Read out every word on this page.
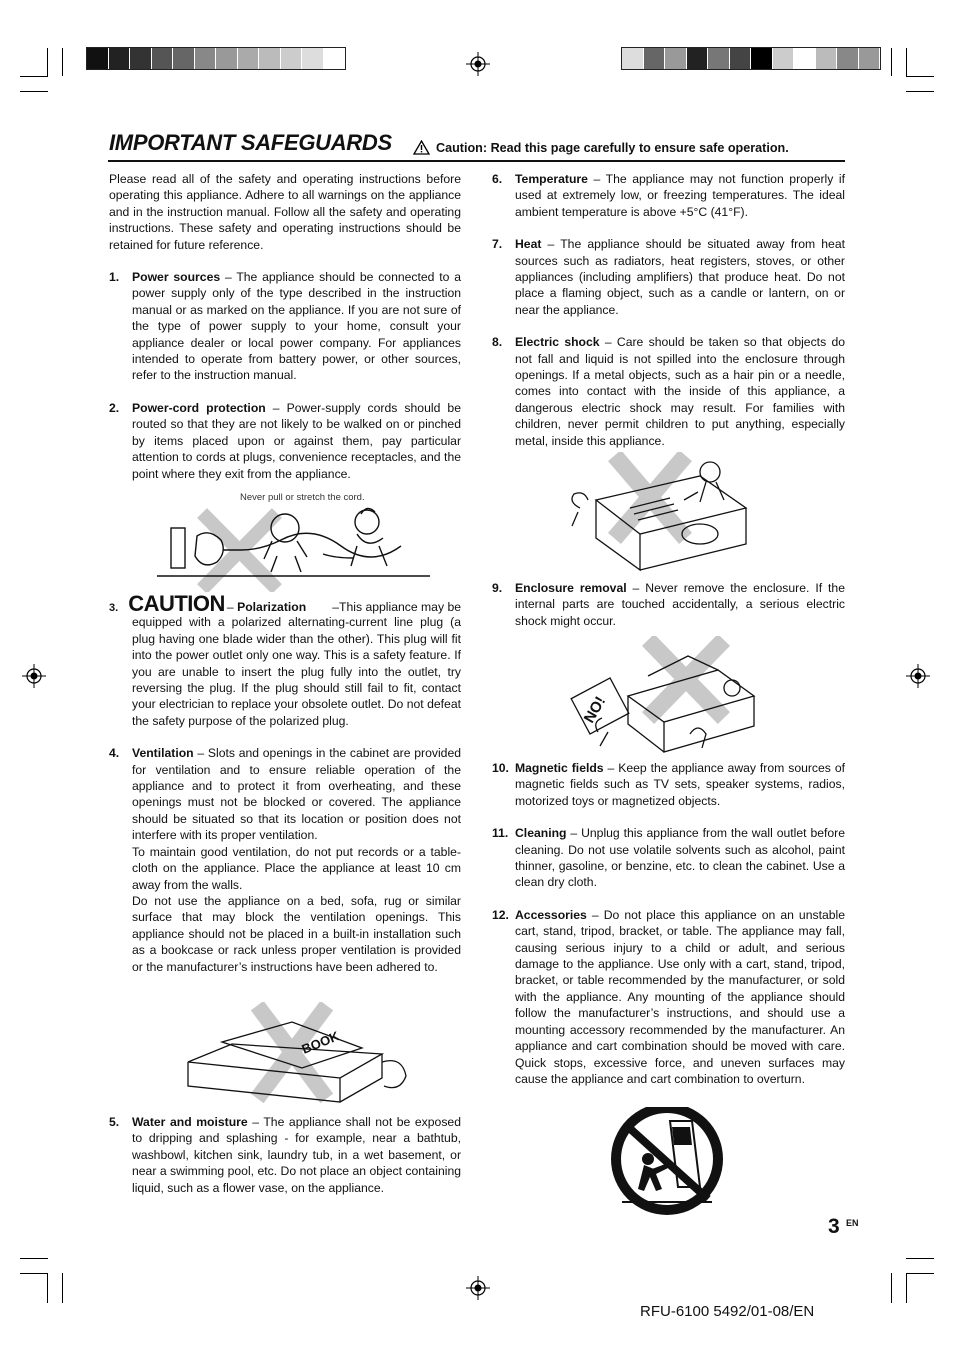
IMPORTANT SAFEGUARDS	Caution: Read this page carefully to ensure safe operation.

Please read all of the safety and operating instructions before operating this appliance. Adhere to all warnings on the appliance and in the instruction manual. Follow all the safety and operating instructions. These safety and operating instructions should be retained for future reference.

1. Power sources – The appliance should be connected to a power supply only of the type described in the instruction manual or as marked on the appliance. If you are not sure of the type of power supply to your home, consult your appliance dealer or local power company. For appliances intended to operate from battery power, or other sources, refer to the instruction manual.
2. Power-cord protection – Power-supply cords should be routed so that they are not likely to be walked on or pinched by items placed upon or against them, pay particular attention to cords at plugs, convenience receptacles, and the point where they exit from the appliance.
Never pull or stretch the cord.
3. CAUTION – Polarization –This appliance may be

equipped with a polarized alternating-current line plug (a plug having one blade wider than the other). This plug will fit into the power outlet only one way. This is a safety feature. If you are unable to insert the plug fully into the outlet, try reversing the plug. If the plug should still fail to fit, contact your electrician to replace your obsolete outlet. Do not defeat the safety purpose of the polarized plug.

4. Ventilation – Slots and openings in the cabinet are provided for ventilation and to ensure reliable operation of the appliance and to protect it from overheating, and these openings must not be blocked or covered. The appliance should be situated so that its location or position does not interfere with its proper ventilation.

To maintain good ventilation, do not put records or a table-cloth on the appliance. Place the appliance at least 10 cm away from the walls.

Do not use the appliance on a bed, sofa, rug or similar surface that may block the ventilation openings. This appliance should not be placed in a built-in installation such as a bookcase or rack unless proper ventilation is provided or the manufacturer’s instructions have been adhered to.

BOOK
5. Water and moisture – The appliance shall not be exposed to dripping and splashing - for example, near a bathtub, washbowl, kitchen sink, laundry tub, in a wet basement, or near a swimming pool, etc. Do not place an object containing liquid, such as a flower vase, on the appliance.
6. Temperature – The appliance may not function properly if used at extremely low, or freezing temperatures. The ideal ambient temperature is above +5°C (41°F).
7. Heat – The appliance should be situated away from heat sources such as radiators, heat registers, stoves, or other appliances (including amplifiers) that produce heat. Do not place a flaming object, such as a candle or lantern, on or near the appliance.
8. Electric shock – Care should be taken so that objects do not fall and liquid is not spilled into the enclosure through openings. If a metal objects, such as a hair pin or a needle, comes into contact with the inside of this appliance, a dangerous electric shock may result. For families with children, never permit children to put anything, especially metal, inside this appliance.
9. Enclosure removal – Never remove the enclosure. If the internal parts are touched accidentally, a serious electric shock might occur.
NO!
10. Magnetic fields – Keep the appliance away from sources of magnetic fields such as TV sets, speaker systems, radios, motorized toys or magnetized objects.
11. Cleaning – Unplug this appliance from the wall outlet before cleaning. Do not use volatile solvents such as alcohol, paint thinner, gasoline, or benzine, etc. to clean the cabinet. Use a clean dry cloth.
12. Accessories – Do not place this appliance on an unstable cart, stand, tripod, bracket, or table. The appliance may fall, causing serious injury to a child or adult, and serious damage to the appliance. Use only with a cart, stand, tripod, bracket, or table recommended by the manufacturer, or sold with the appliance. Any mounting of the appliance should follow the manufacturer’s instructions, and should use a mounting accessory recommended by the manufacturer. An appliance and cart combination should be moved with care. Quick stops, excessive force, and uneven surfaces may cause the appliance and cart combination to overturn.
3 EN
RFU-6100 5492/01-08/EN
